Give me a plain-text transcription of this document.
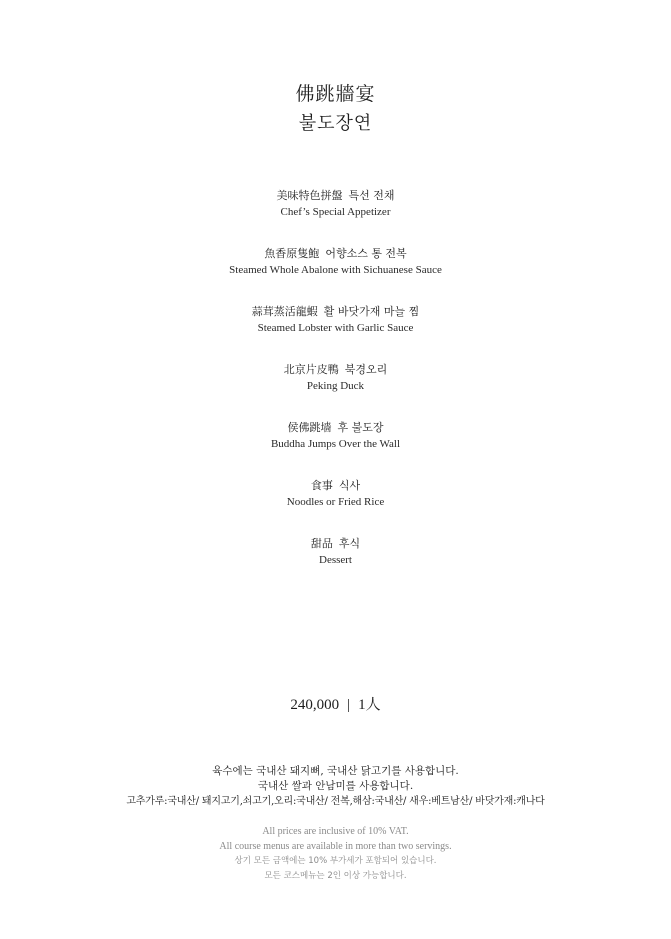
佛跳牆宴
불도장연
美味特色拼盤 특선 전채
Chef’s Special Appetizer
魚香原隻鮑 어향소스 통 전복
Steamed Whole Abalone with Sichuanese Sauce
蒜茸蒸活龍蝦 활 바닷가재 마늘 찜
Steamed Lobster with Garlic Sauce
北京片皮鴨 북경오리
Peking Duck
侯佛跳墙 후 불도장
Buddha Jumps Over the Wall
食事 식사
Noodles or Fried Rice
甜品 후식
Dessert
240,000 | 1人
육수에는 국내산 돼지뼈, 국내산 닭고기를 사용합니다.
국내산 쌀과 안남미를 사용합니다.
고추가루:국내산/ 돼지고기,쇠고기,오리:국내산/ 전복,해삼:국내산/ 새우:베트남산/ 바닷가재:캐나다
All prices are inclusive of 10% VAT.
All course menus are available in more than two servings.
상기 모든 금액에는 10% 부가세가 포함되어 있습니다.
모든 코스메뉴는 2인 이상 가능합니다.
